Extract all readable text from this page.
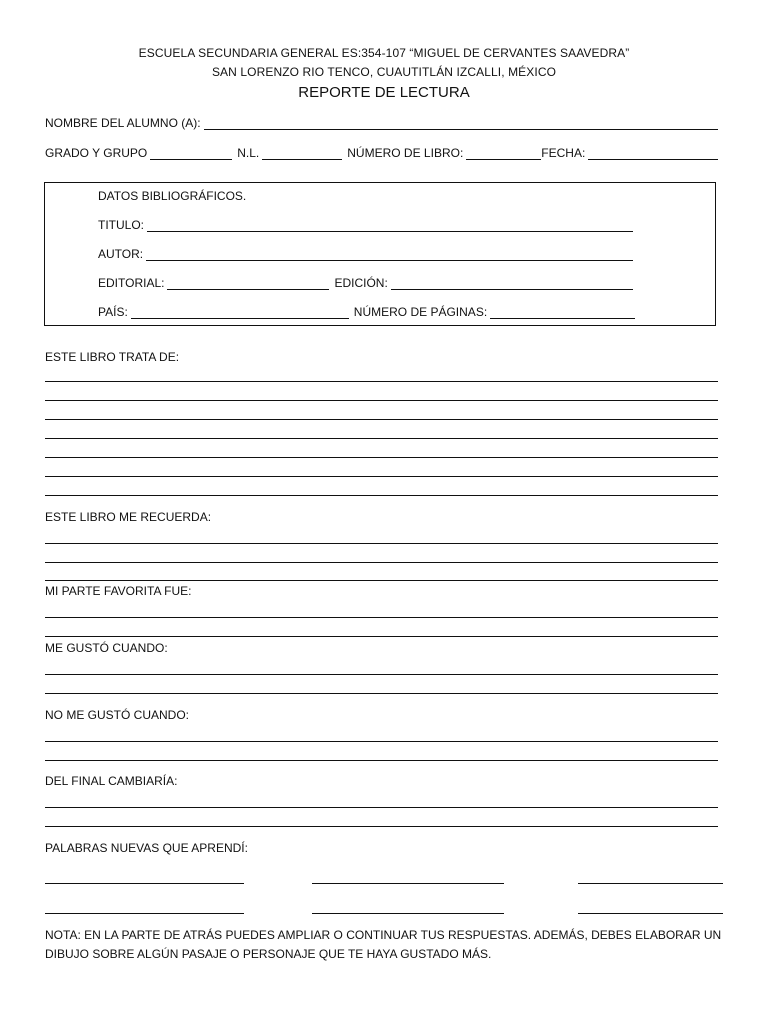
ESCUELA SECUNDARIA GENERAL ES:354-107 “MIGUEL DE CERVANTES SAAVEDRA”
SAN LORENZO RIO TENCO, CUAUTITLÁN IZCALLI, MÉXICO
REPORTE DE LECTURA
NOMBRE DEL ALUMNO (A):
GRADO Y GRUPO	N.L.	NÚMERO DE LIBRO:	FECHA:
DATOS BIBLIOGRÁFICOS.
TITULO:
AUTOR:
EDITORIAL:	EDICIÓN:
PAÍS:	NÚMERO DE PÁGINAS:
ESTE LIBRO TRATA DE:
ESTE LIBRO ME RECUERDA:
MI PARTE FAVORITA FUE:
ME GUSTÓ CUANDO:
NO ME GUSTÓ CUANDO:
DEL FINAL CAMBIARÍA:
PALABRAS NUEVAS QUE APRENDÍ:
NOTA: EN LA PARTE DE ATRÁS PUEDES AMPLIAR O CONTINUAR TUS RESPUESTAS. ADEMÁS, DEBES ELABORAR UN DIBUJO SOBRE ALGÚN PASAJE O PERSONAJE QUE TE HAYA GUSTADO MÁS.
